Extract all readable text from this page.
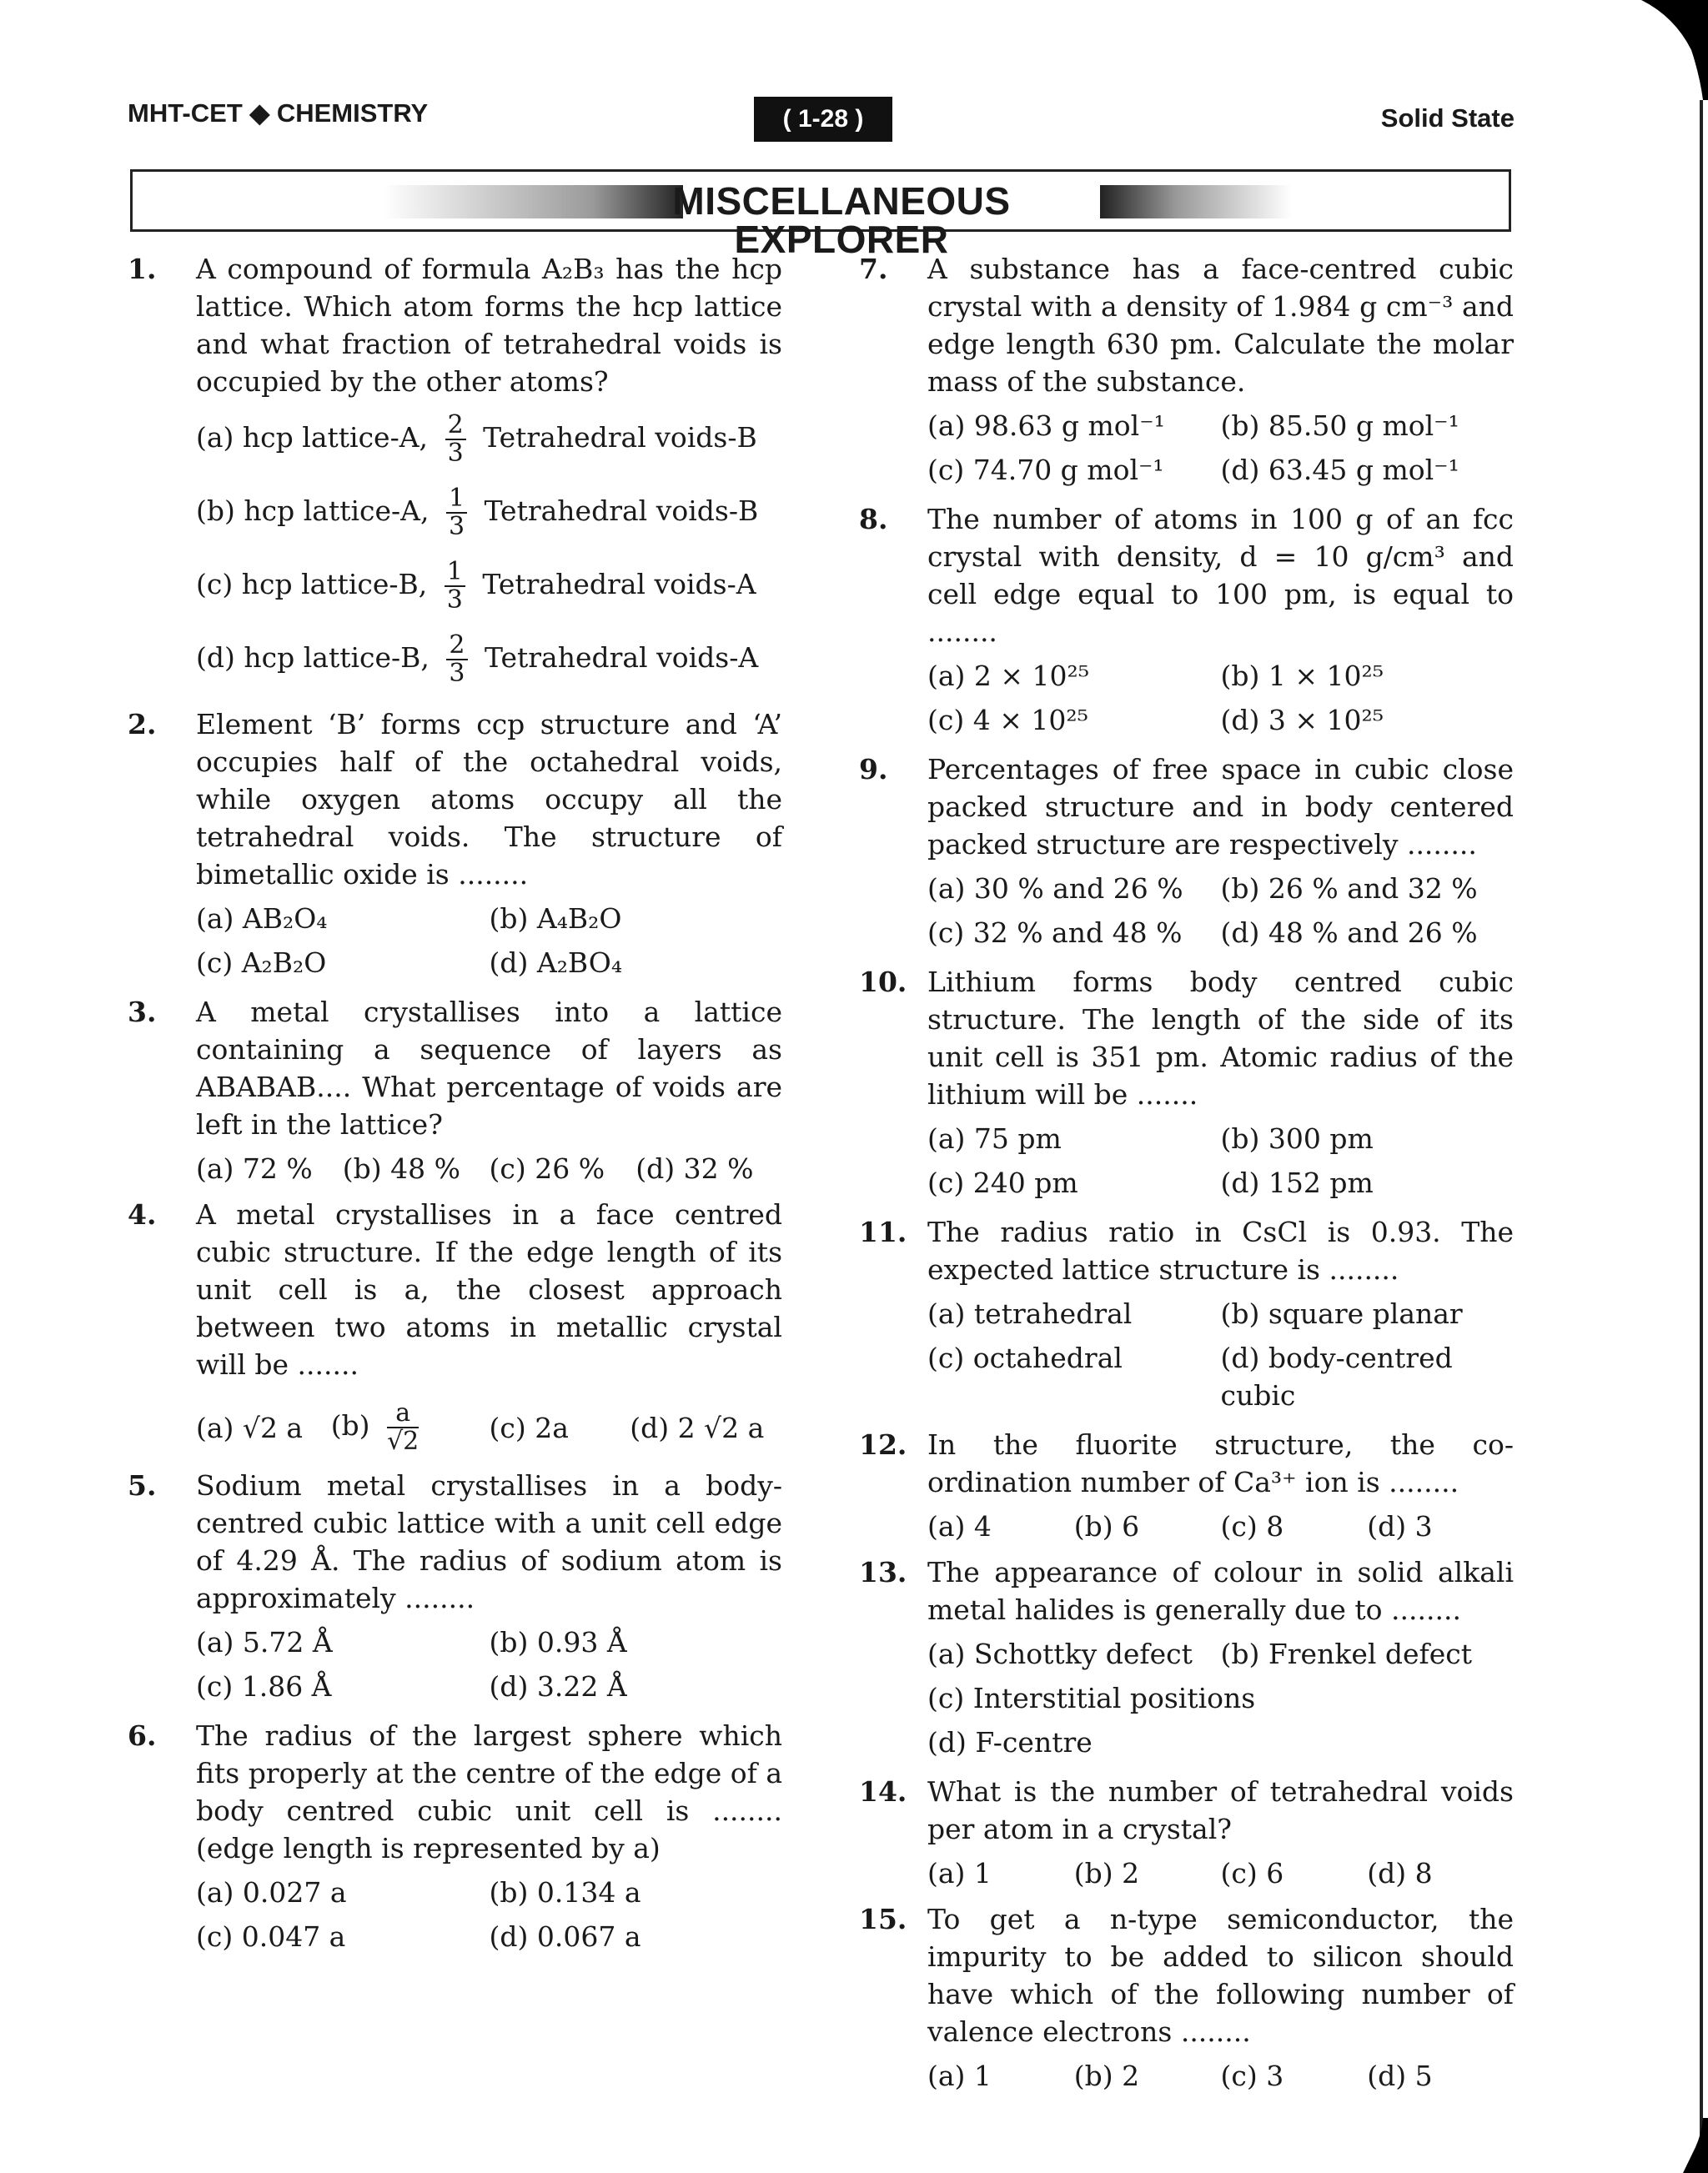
MHT-CET ◆ CHEMISTRY	( 1-28 )	Solid State
MISCELLANEOUS EXPLORER
1. A compound of formula A₂B₃ has the hcp lattice. Which atom forms the hcp lattice and what fraction of tetrahedral voids is occupied by the other atoms?
(a) hcp lattice-A, $\frac{2}{3}$ Tetrahedral voids-B
(b) hcp lattice-A, $\frac{1}{3}$ Tetrahedral voids-B
(c) hcp lattice-B, $\frac{1}{3}$ Tetrahedral voids-A
(d) hcp lattice-B, $\frac{2}{3}$ Tetrahedral voids-A
2. Element ‘B’ forms ccp structure and ‘A’ occupies half of the octahedral voids, while oxygen atoms occupy all the tetrahedral voids. The structure of bimetallic oxide is ........
(a) AB₂O₄	(b) A₄B₂O
(c) A₂B₂O	(d) A₂BO₄
3. A metal crystallises into a lattice containing a sequence of layers as ABABAB.... What percentage of voids are left in the lattice?
(a) 72 %	(b) 48 %	(c) 26 %	(d) 32 %
4. A metal crystallises in a face centred cubic structure. If the edge length of its unit cell is a, the closest approach between two atoms in metallic crystal will be .......
(a) √2 a	$(b) \frac{a}{√2}$	(c) 2a	(d) 2 √2 a
5. Sodium metal crystallises in a body-centred cubic lattice with a unit cell edge of 4.29 Å. The radius of sodium atom is approximately ........
(a) 5.72 Å	(b) 0.93 Å
(c) 1.86 Å	(d) 3.22 Å
6. The radius of the largest sphere which fits properly at the centre of the edge of a body centred cubic unit cell is ........ (edge length is represented by a)
(a) 0.027 a	(b) 0.134 a
(c) 0.047 a	(d) 0.067 a
7. A substance has a face-centred cubic crystal with a density of 1.984 g cm⁻³ and edge length 630 pm. Calculate the molar mass of the substance.
(a) 98.63 g mol⁻¹	(b) 85.50 g mol⁻¹
(c) 74.70 g mol⁻¹	(d) 63.45 g mol⁻¹
8. The number of atoms in 100 g of an fcc crystal with density, d = 10 g/cm³ and cell edge equal to 100 pm, is equal to ........
(a) 2 × 10²⁵	(b) 1 × 10²⁵
(c) 4 × 10²⁵	(d) 3 × 10²⁵
9. Percentages of free space in cubic close packed structure and in body centered packed structure are respectively ........
(a) 30 % and 26 %	(b) 26 % and 32 %
(c) 32 % and 48 %	(d) 48 % and 26 %
10. Lithium forms body centred cubic structure. The length of the side of its unit cell is 351 pm. Atomic radius of the lithium will be .......
(a) 75 pm	(b) 300 pm
(c) 240 pm	(d) 152 pm
11. The radius ratio in CsCl is 0.93. The expected lattice structure is ........
(a) tetrahedral	(b) square planar
(c) octahedral	(d) body-centred cubic
12. In the fluorite structure, the co-ordination number of Ca³⁺ ion is ........
(a) 4	(b) 6	(c) 8	(d) 3
13. The appearance of colour in solid alkali metal halides is generally due to ........
(a) Schottky defect	(b) Frenkel defect
(c) Interstitial positions
(d) F-centre
14. What is the number of tetrahedral voids per atom in a crystal?
(a) 1	(b) 2	(c) 6	(d) 8
15. To get a n-type semiconductor, the impurity to be added to silicon should have which of the following number of valence electrons ........
(a) 1	(b) 2	(c) 3	(d) 5
